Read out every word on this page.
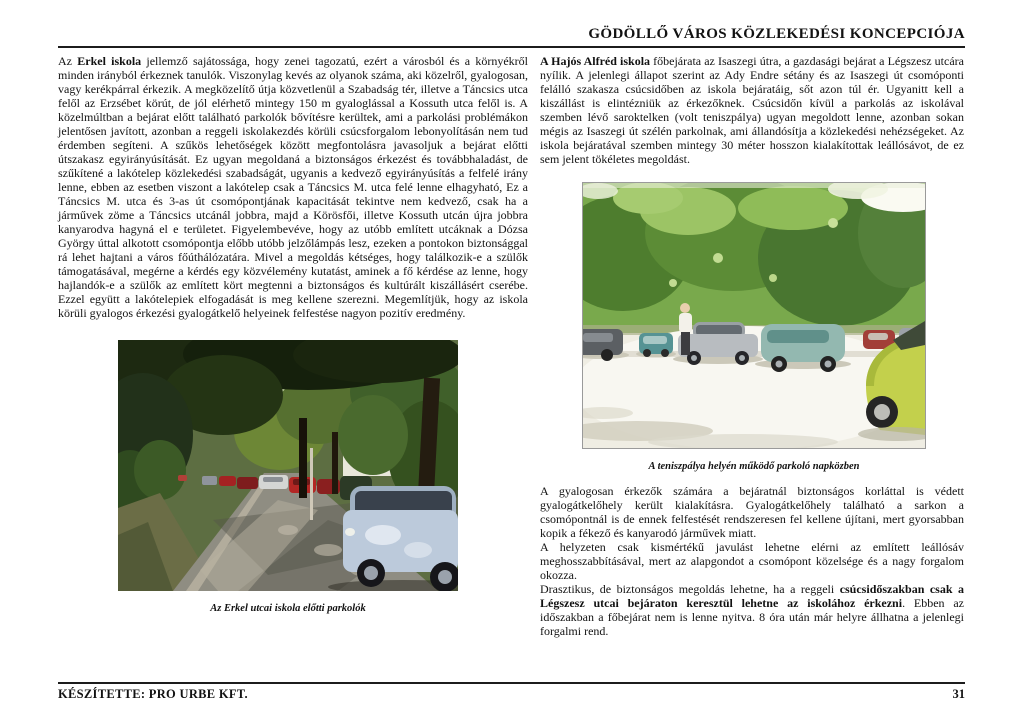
GÖDÖLLŐ VÁROS KÖZLEKEDÉSI KONCEPCIÓJA

Az Erkel iskola jellemző sajátossága, hogy zenei tagozatú, ezért a városból és a környékről minden irányból érkeznek tanulók. Viszonylag kevés az olyanok száma, aki közelről, gyalogosan, vagy kerékpárral érkezik. A megközelítő útja közvetlenül a Szabadság tér, illetve a Táncsics utca felől az Erzsébet körút, de jól elérhető mintegy 150 m gyaloglással a Kossuth utca felől is. A közelmúltban a bejárat előtt található parkolók bővítésre kerültek, ami a parkolási problémákon jelentősen javított, azonban a reggeli iskolakezdés körüli csúcsforgalom lebonyolításán nem tud érdemben segíteni. A szűkös lehetőségek között megfontolásra javasoljuk a bejárat előtti útszakasz egyirányúsítását. Ez ugyan megoldaná a biztonságos érkezést és továbbhaladást, de szűkítené a lakótelep közlekedési szabadságát, ugyanis a kedvező egyirányúsítás a felfelé irány lenne, ebben az esetben viszont a lakótelep csak a Táncsics M. utca felé lenne elhagyható, Ez a Táncsics M. utca és 3-as út csomópontjának kapacitását tekintve nem kedvező, csak ha a járművek zöme a Táncsics utcánál jobbra, majd a Körösfői, illetve Kossuth utcán újra jobbra kanyarodva hagyná el e területet. Figyelembevéve, hogy az utóbb említett utcáknak a Dózsa György úttal alkotott csomópontja előbb utóbb jelzőlámpás lesz, ezeken a pontokon biztonsággal rá lehet hajtani a város főúthálózatára. Mivel a megoldás kétséges, hogy találkozik-e a szülők támogatásával, megérne a kérdés egy közvélemény kutatást, aminek a fő kérdése az lenne, hogy hajlandók-e a szülők az említett kört megtenni a biztonságos és kultúrált kiszállásért cserébe. Ezzel együtt a lakótelepiek elfogadását is meg kellene szerezni. Megemlítjük, hogy az iskola körüli gyalogos érkezési gyalogátkelő helyeinek felfestése nagyon pozitív eredmény.

Az Erkel utcai iskola előtti parkolók

A Hajós Alfréd iskola főbejárata az Isaszegi útra, a gazdasági bejárat a Légszesz utcára nyílik. A jelenlegi állapot szerint az Ady Endre sétány és az Isaszegi út csomóponti felálló szakasza csúcsidőben az iskola bejáratáig, sőt azon túl ér. Ugyanitt kell a kiszállást is elintézniük az érkezőknek. Csúcsidőn kívül a parkolás az iskolával szemben lévő saroktelken (volt teniszpálya) ugyan megoldott lenne, azonban sokan mégis az Isaszegi út szélén parkolnak, ami állandósítja a közlekedési nehézségeket. Az iskola bejáratával szemben mintegy 30 méter hosszon kialakítottak leállósávot, de ez sem jelent tökéletes megoldást.

A teniszpálya helyén működő parkoló napközben

A gyalogosan érkezők számára a bejáratnál biztonságos korláttal is védett gyalogátkelőhely került kialakításra. Gyalogátkelőhely található a sarkon a csomópontnál is de ennek felfestését rendszeresen fel kellene újítani, mert gyorsabban kopik a fékező és kanyarodó járművek miatt.

A helyzeten csak kismértékű javulást lehetne elérni az említett leállósáv meghosszabbításával, mert az alapgondot a csomópont közelsége és a nagy forgalom okozza.

Drasztikus, de biztonságos megoldás lehetne, ha a reggeli csúcsidőszakban csak a Légszesz utcai bejáraton keresztül lehetne az iskolához érkezni. Ebben az időszakban a főbejárat nem is lenne nyitva. 8 óra után már helyre állhatna a jelenlegi forgalmi rend.

KÉSZÍTETTE: PRO URBE KFT.	31
